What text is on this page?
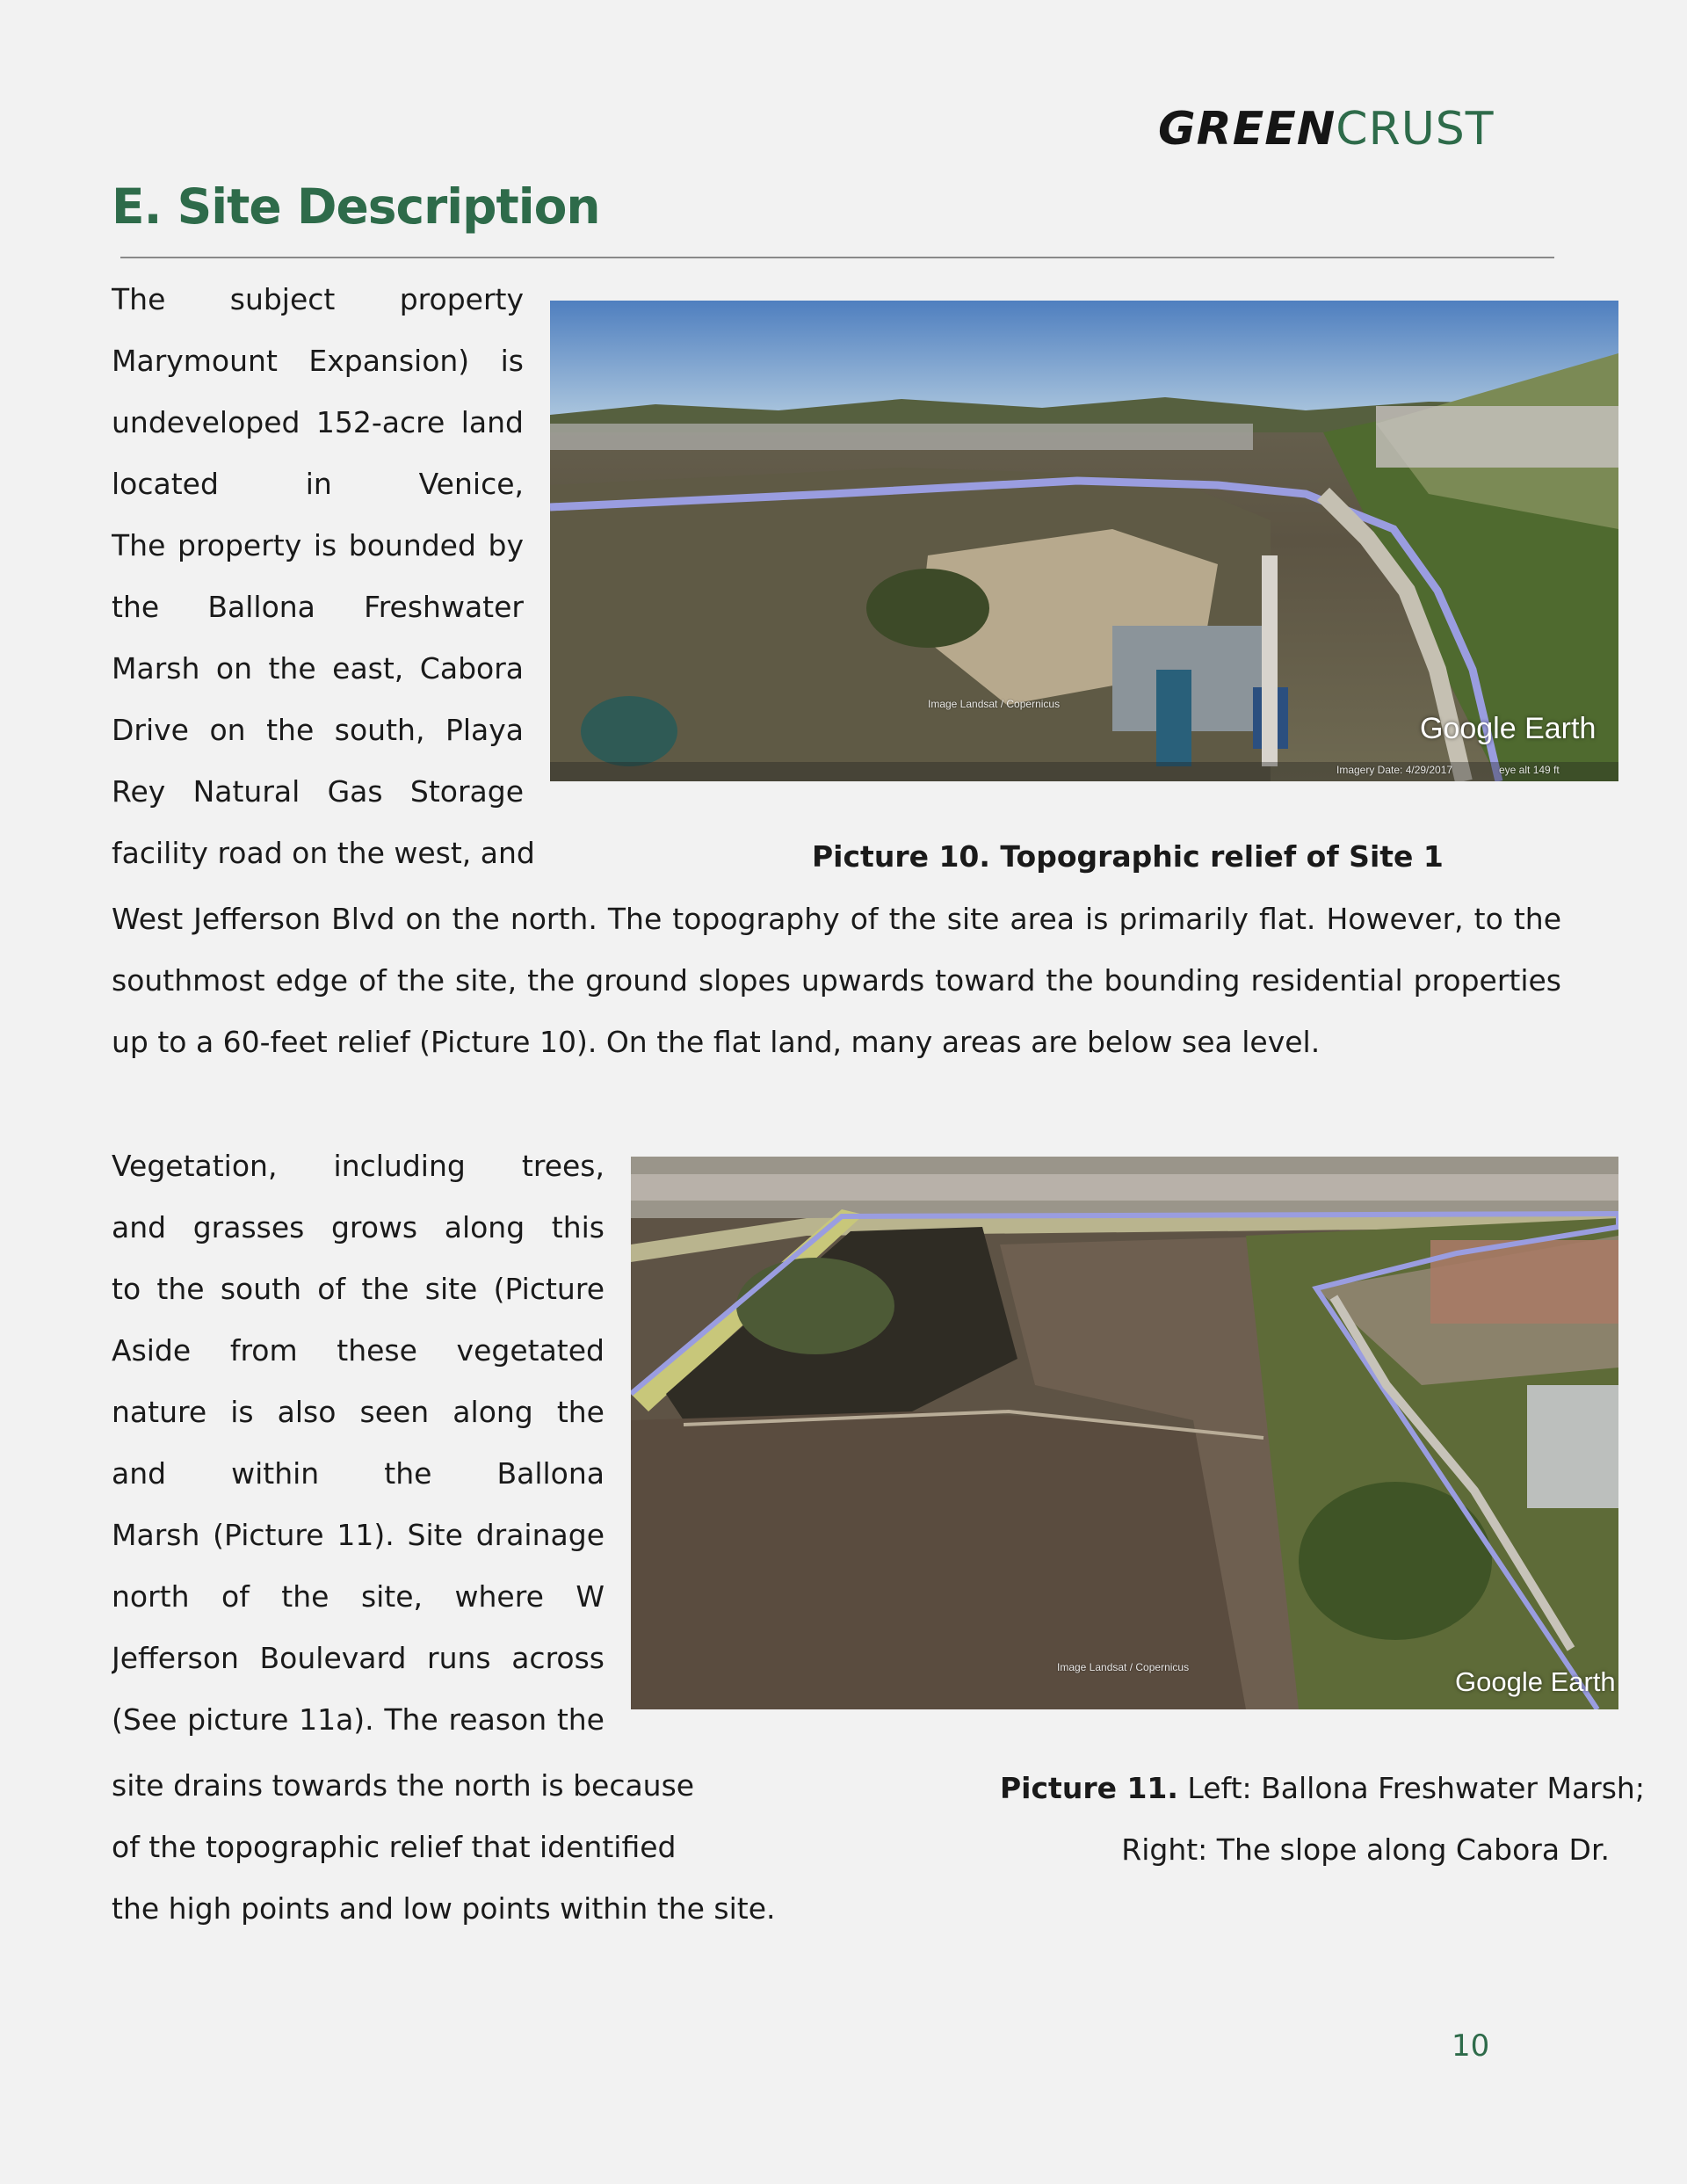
GREENCRUST
E. Site Description
The subject property
Marymount Expansion) is
undeveloped 152-acre land
located in Venice,
The property is bounded by
the Ballona Freshwater
Marsh on the east, Cabora
Drive on the south, Playa
Rey Natural Gas Storage
facility road on the west, and
West Jefferson Blvd on the north. The topography of the site area is primarily flat. However, to the
southmost edge of the site, the ground slopes upwards toward the bounding residential properties
up to a 60-feet relief (Picture 10). On the flat land, many areas are below sea level.
Image Landsat / Copernicus
Google Earth
Imagery Date: 4/29/2017	eye alt 149 ft
Picture 10. Topographic relief of Site 1
Vegetation, including trees,
and grasses grows along this
to the south of the site (Picture
Aside from these vegetated
nature is also seen along the
and within the Ballona
Marsh (Picture 11). Site drainage
north of the site, where W
Jefferson Boulevard runs across
(See picture 11a). The reason the
site drains towards the north is because
of the topographic relief that identified
the high points and low points within the site.
Image Landsat / Copernicus	Google Earth
Picture 11. Left: Ballona Freshwater Marsh;
Right: The slope along Cabora Dr.
10
